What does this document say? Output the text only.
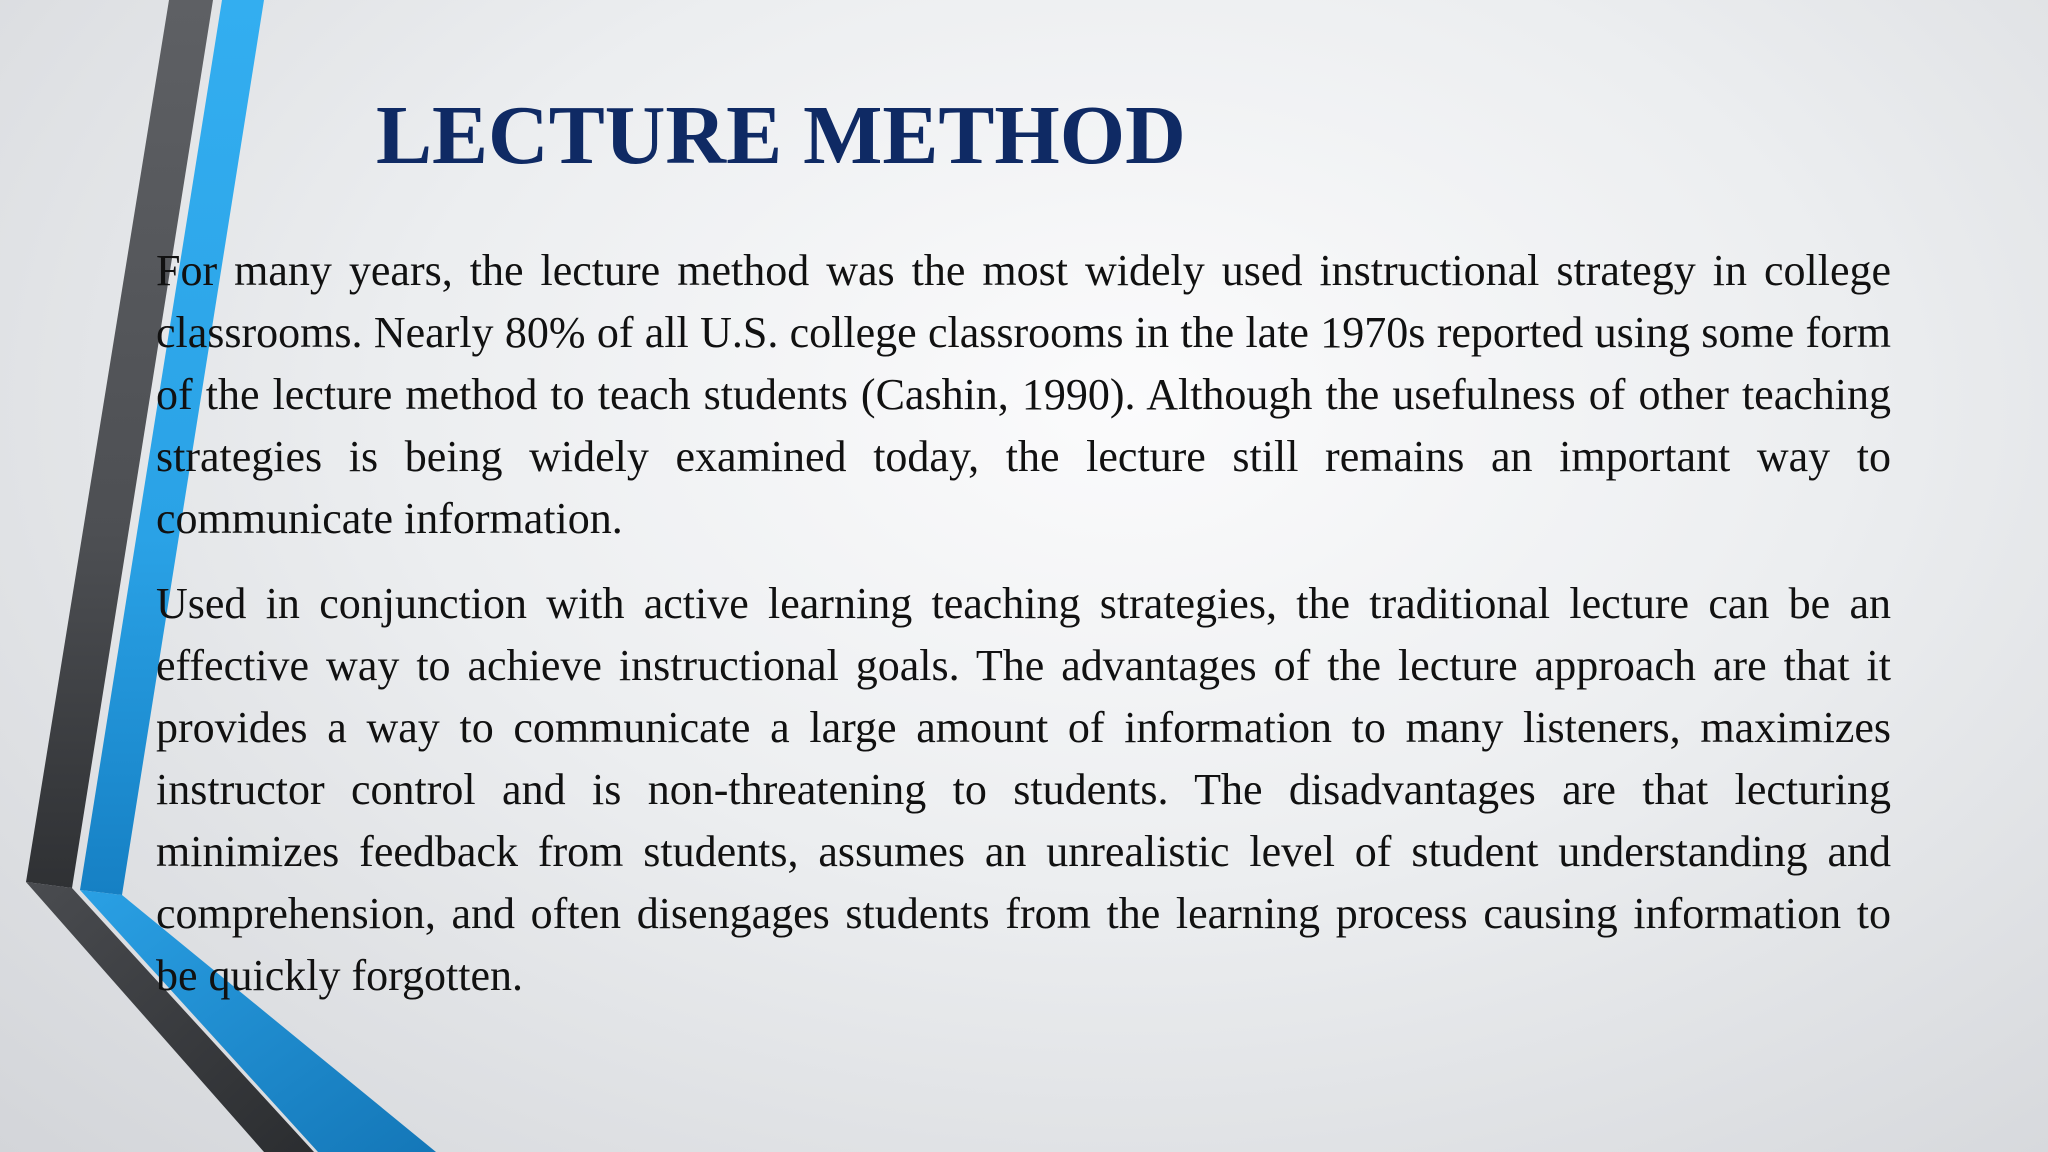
LECTURE METHOD

For many years, the lecture method was the most widely used instructional strategy in college classrooms. Nearly 80% of all U.S. college classrooms in the late 1970s reported using some form of the lecture method to teach students (Cashin, 1990). Although the usefulness of other teaching strategies is being widely examined today, the lecture still remains an important way to communicate information.

Used in conjunction with active learning teaching strategies, the traditional lecture can be an effective way to achieve instructional goals. The advantages of the lecture approach are that it provides a way to communicate a large amount of information to many listeners, maximizes instructor control and is non-threatening to students. The disadvantages are that lecturing minimizes feedback from students, assumes an unrealistic level of student understanding and comprehension, and often disengages students from the learning process causing information to be quickly forgotten.
